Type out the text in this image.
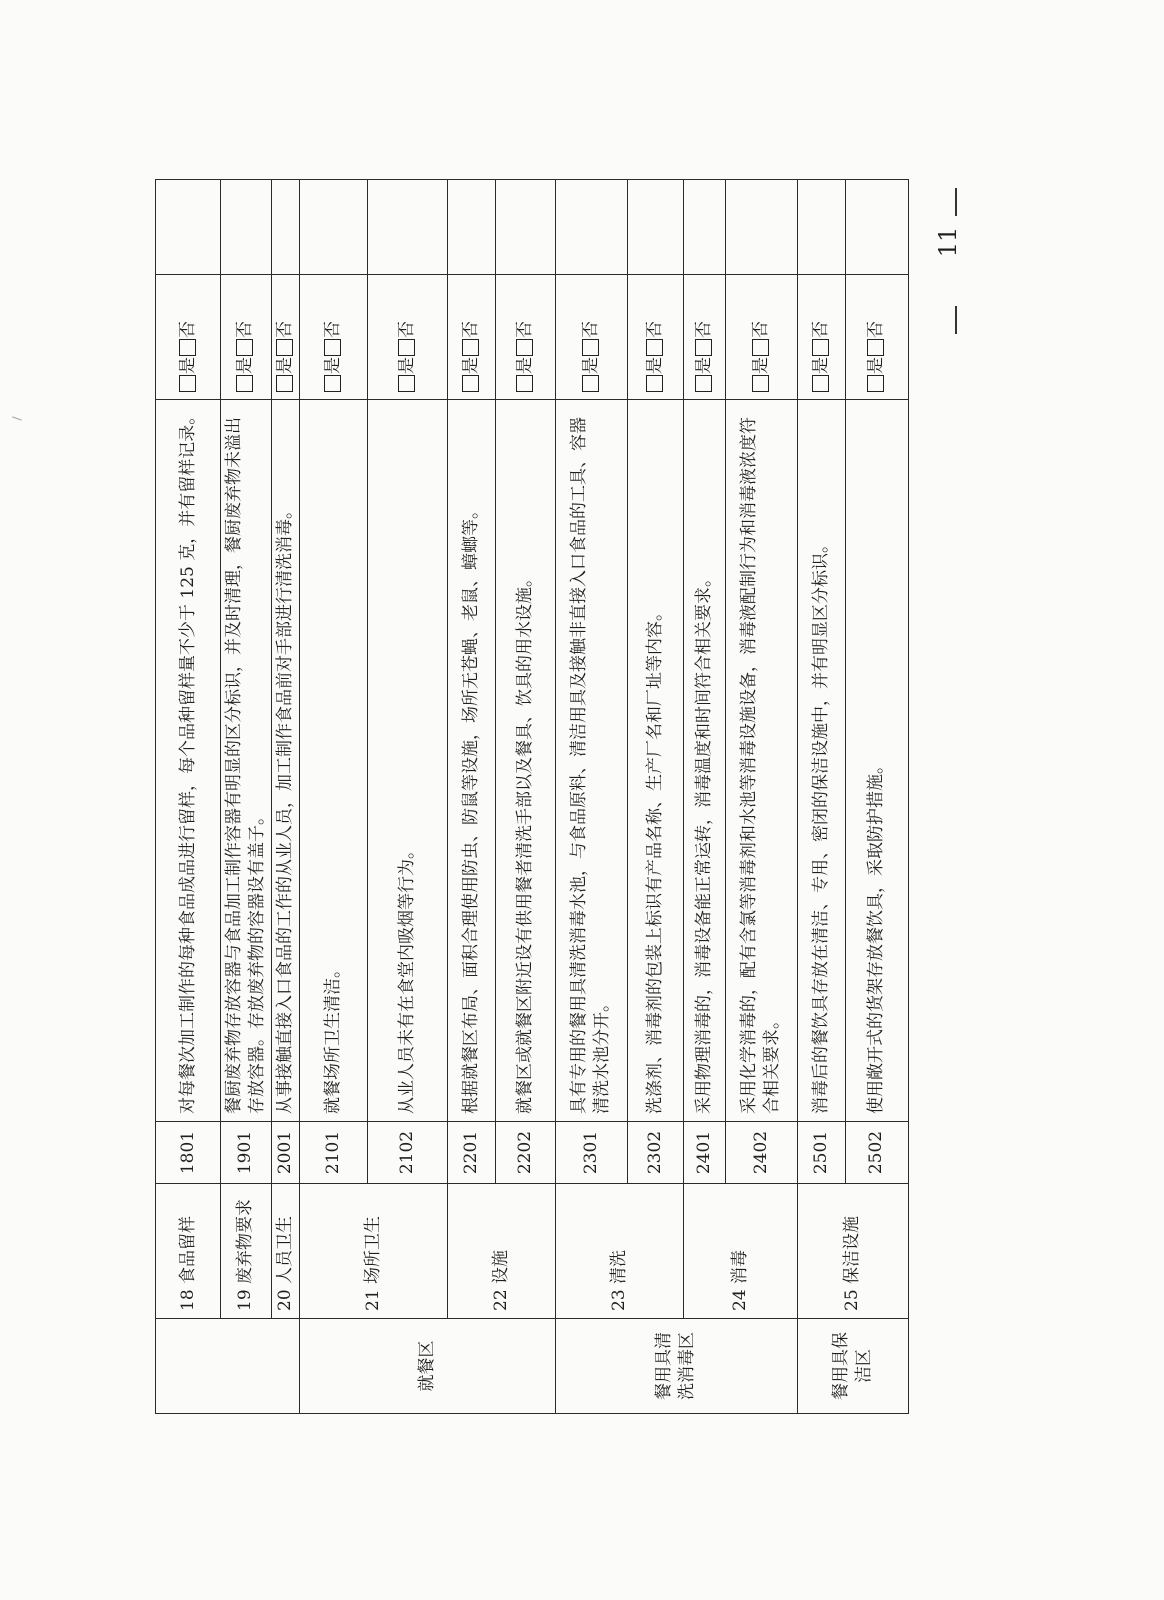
	18 食品留样	1801	对每餐次加工制作的每种食品成品进行留样，每个品种留样量不少于 125 克，并有留样记录。	是否	
	19 废弃物要求	1901	餐厨废弃物存放容器与食品加工制作容器有明显的区分标识，并及时清理，餐厨废弃物未溢出存放容器。存放废弃物的容器设有盖子。	是否	
	20 人员卫生	2001	从事接触直接入口食品的工作的从业人员，加工制作食品前对手部进行清洗消毒。	是否	
就餐区	21 场所卫生	2101	就餐场所卫生清洁。	是否	
		2102	从业人员未有在食堂内吸烟等行为。	是否	
	22 设施	2201	根据就餐区布局、面积合理使用防虫、防鼠等设施，场所无苍蝇、老鼠、蟑螂等。	是否	
		2202	就餐区或就餐区附近设有供用餐者清洗手部以及餐具、饮具的用水设施。	是否	
餐用具清洗消毒区	23 清洗	2301	具有专用的餐用具清洗消毒水池，与食品原料、清洁用具及接触非直接入口食品的工具、容器清洗水池分开。	是否	
		2302	洗涤剂、消毒剂的包装上标识有产品名称、生产厂名和厂址等内容。	是否	
	24 消毒	2401	采用物理消毒的，消毒设备能正常运转，消毒温度和时间符合相关要求。	是否	
		2402	采用化学消毒的，配有含氯等消毒剂和水池等消毒设施设备，消毒液配制行为和消毒液浓度符合相关要求。	是否	
餐用具保洁区	25 保洁设施	2501	消毒后的餐饮具存放在清洁、专用、密闭的保洁设施中，并有明显区分标识。	是否	
		2502	使用敞开式的货架存放餐饮具，采取防护措施。	是否	
11
